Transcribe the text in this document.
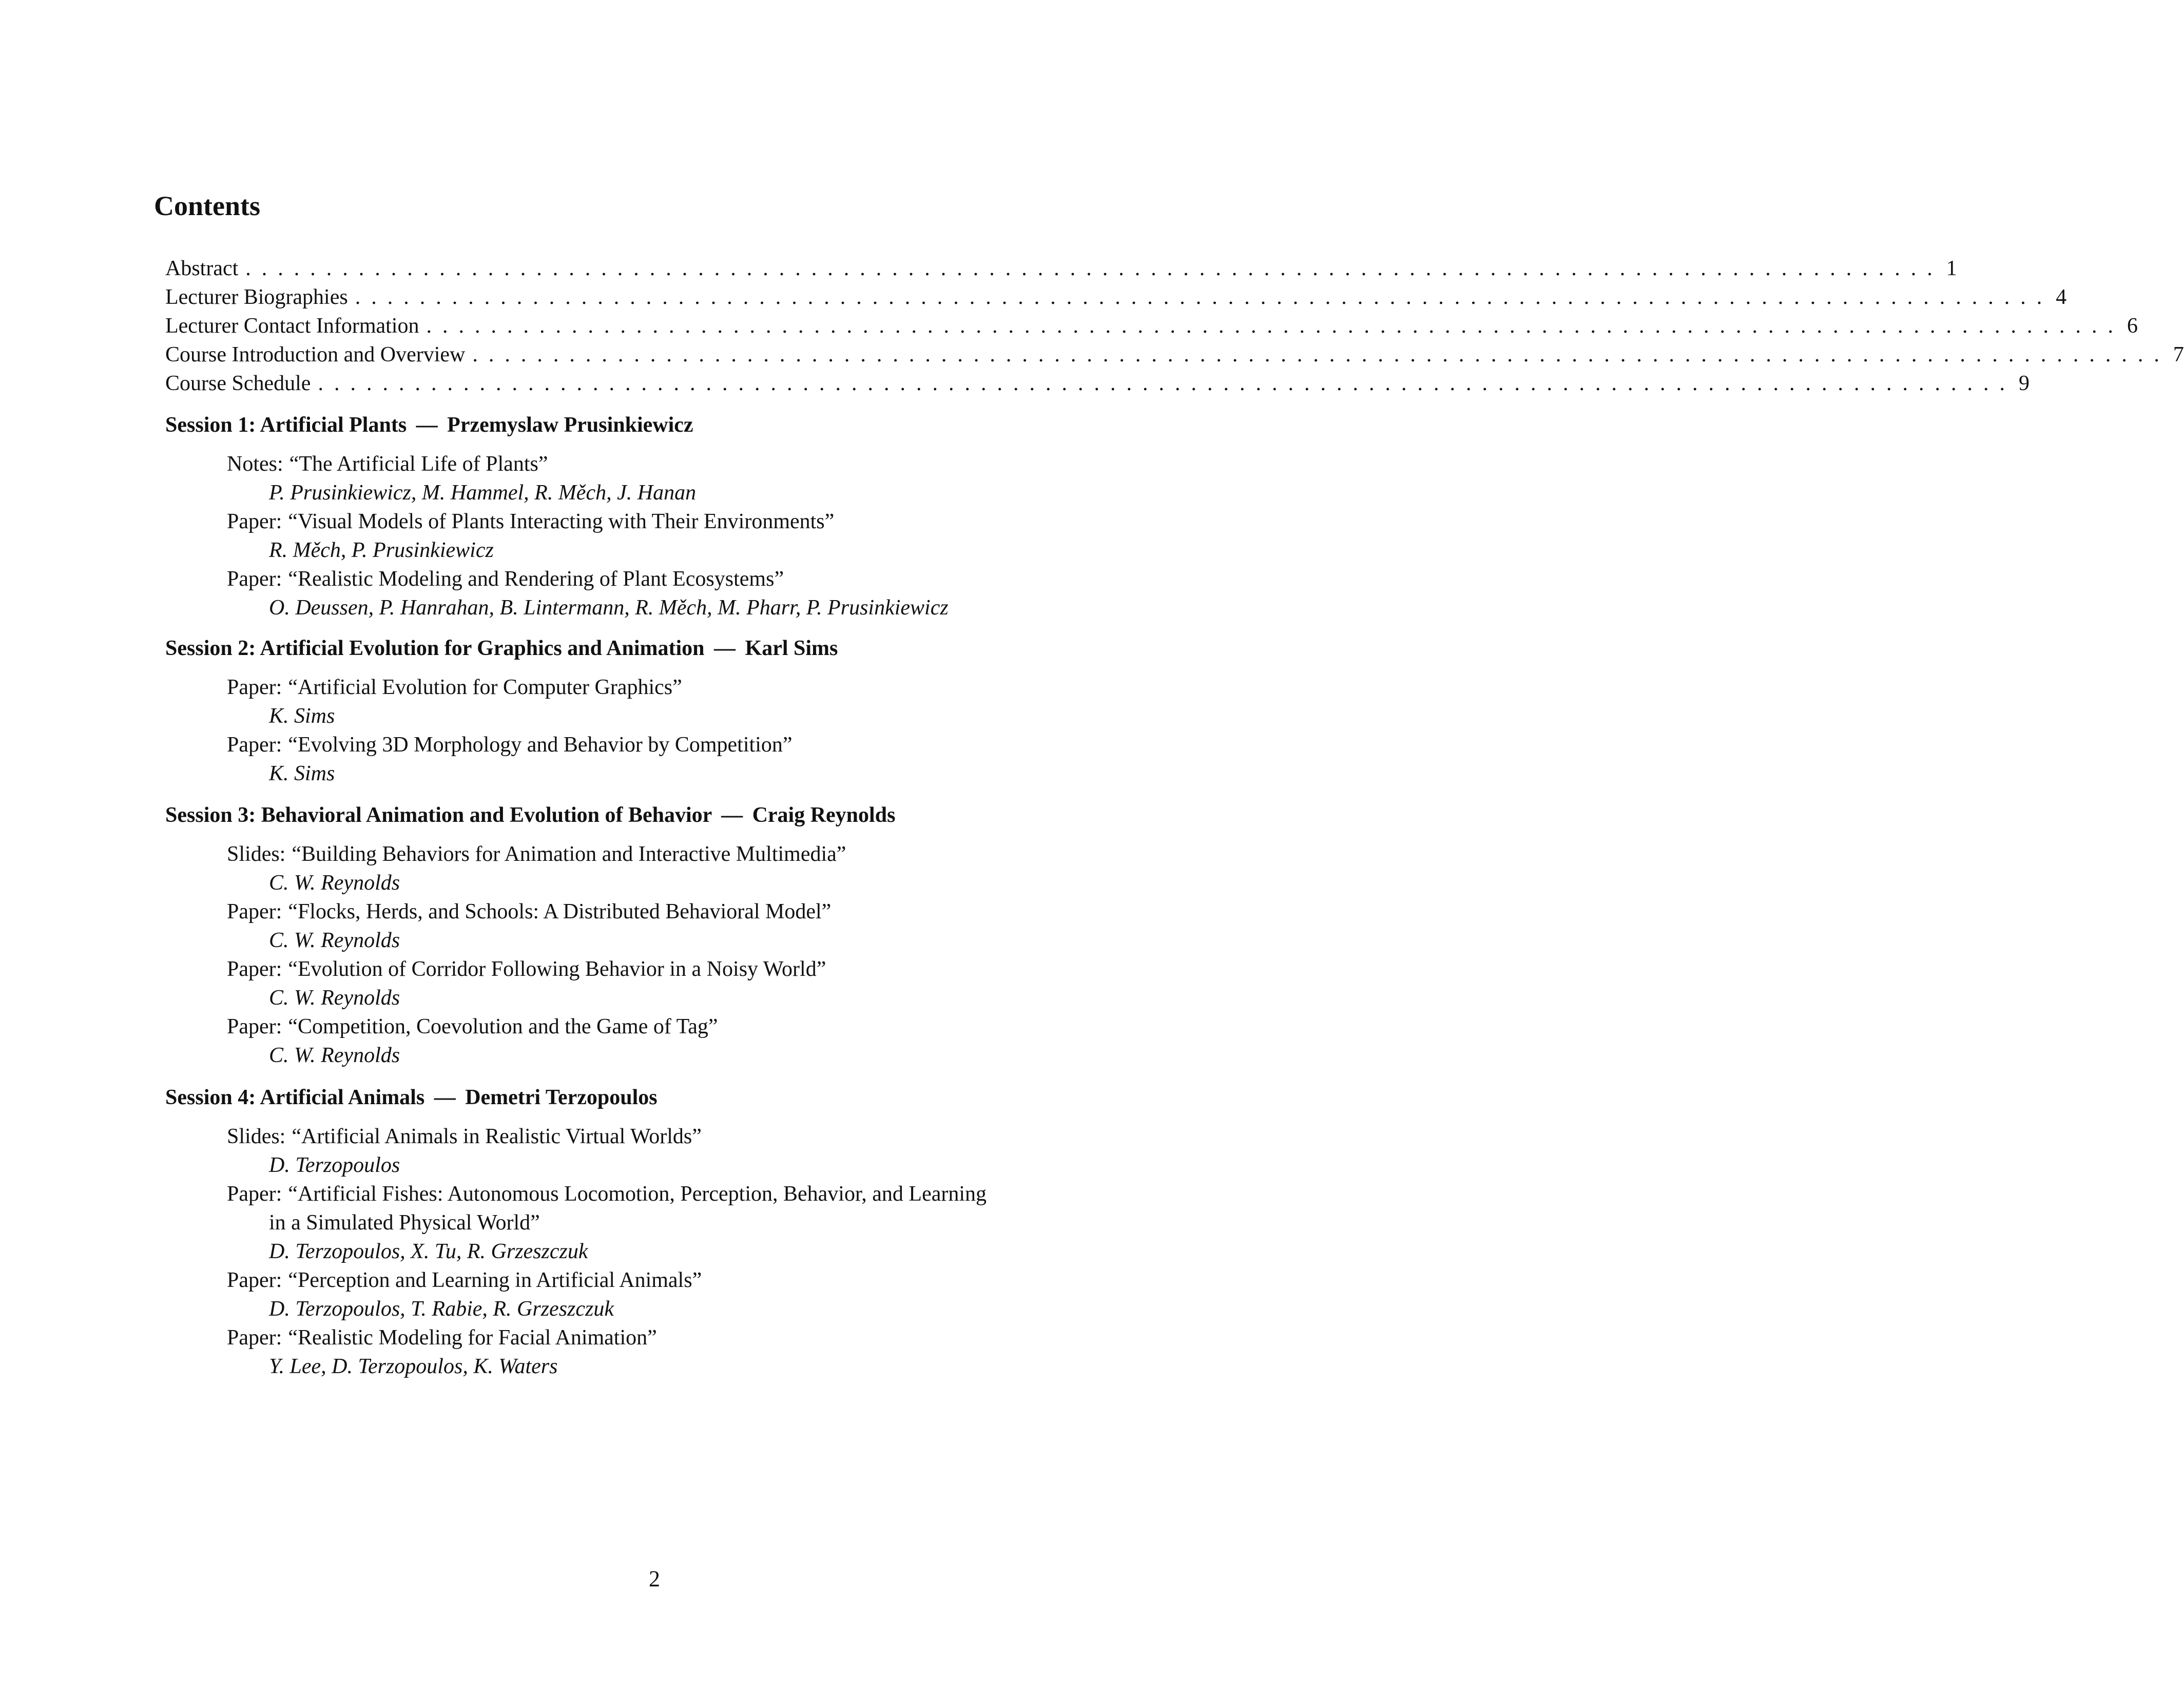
Contents
Abstract ......................................................................................................... 1
Lecturer Biographies ......................................................................................................... 4
Lecturer Contact Information ......................................................................................................... 6
Course Introduction and Overview ......................................................................................................... 7
Course Schedule ......................................................................................................... 9
Session 1: Artificial Plants — Przemyslaw Prusinkiewicz
Notes: “The Artificial Life of Plants”
P. Prusinkiewicz, M. Hammel, R. Měch, J. Hanan
Paper: “Visual Models of Plants Interacting with Their Environments”
R. Měch, P. Prusinkiewicz
Paper: “Realistic Modeling and Rendering of Plant Ecosystems”
O. Deussen, P. Hanrahan, B. Lintermann, R. Měch, M. Pharr, P. Prusinkiewicz
Session 2: Artificial Evolution for Graphics and Animation — Karl Sims
Paper: “Artificial Evolution for Computer Graphics”
K. Sims
Paper: “Evolving 3D Morphology and Behavior by Competition”
K. Sims
Session 3: Behavioral Animation and Evolution of Behavior — Craig Reynolds
Slides: “Building Behaviors for Animation and Interactive Multimedia”
C. W. Reynolds
Paper: “Flocks, Herds, and Schools: A Distributed Behavioral Model”
C. W. Reynolds
Paper: “Evolution of Corridor Following Behavior in a Noisy World”
C. W. Reynolds
Paper: “Competition, Coevolution and the Game of Tag”
C. W. Reynolds
Session 4: Artificial Animals — Demetri Terzopoulos
Slides: “Artificial Animals in Realistic Virtual Worlds”
D. Terzopoulos
Paper: “Artificial Fishes: Autonomous Locomotion, Perception, Behavior, and Learning
in a Simulated Physical World”
D. Terzopoulos, X. Tu, R. Grzeszczuk
Paper: “Perception and Learning in Artificial Animals”
D. Terzopoulos, T. Rabie, R. Grzeszczuk
Paper: “Realistic Modeling for Facial Animation”
Y. Lee, D. Terzopoulos, K. Waters
2
